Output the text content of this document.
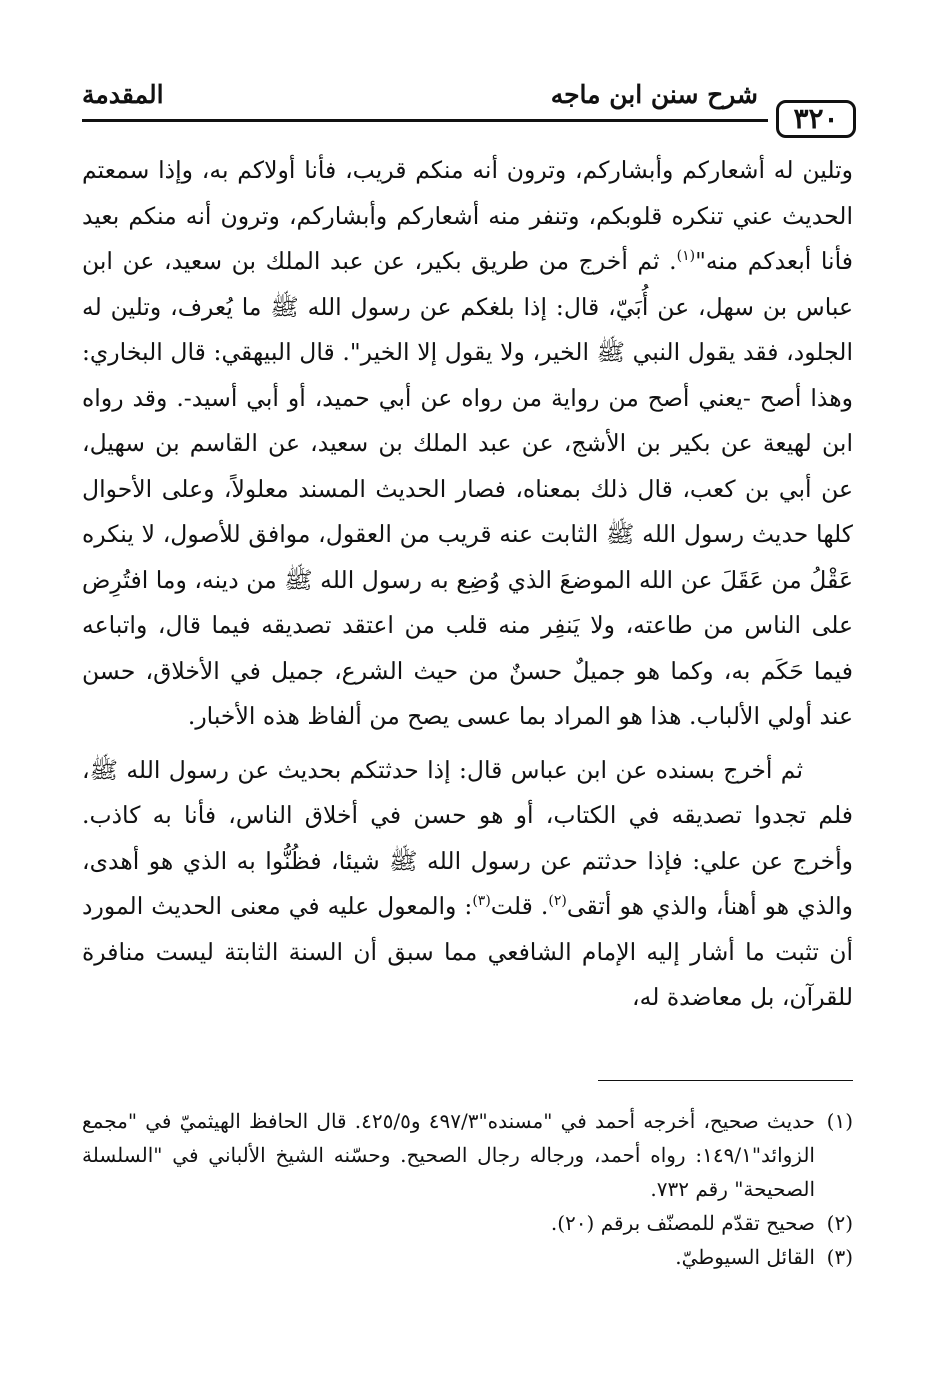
المقدمة	شرح سنن ابن ماجه
٣٢٠

وتلين له أشعاركم وأبشاركم، وترون أنه منكم قريب، فأنا أولاكم به، وإذا سمعتم الحديث عني تنكره قلوبكم، وتنفر منه أشعاركم وأبشاركم، وترون أنه منكم بعيد فأنا أبعدكم منه"$^{(١)}$. ثم أخرج من طريق بكير، عن عبد الملك بن سعيد، عن ابن عباس بن سهل، عن أُبَيّ، قال: إذا بلغكم عن رسول الله ﷺ ما يُعرف، وتلين له الجلود، فقد يقول النبي ﷺ الخير، ولا يقول إلا الخير". قال البيهقي: قال البخاري: وهذا أصح -يعني أصح من رواية من رواه عن أبي حميد، أو أبي أسيد-. وقد رواه ابن لهيعة عن بكير بن الأشج، عن عبد الملك بن سعيد، عن القاسم بن سهيل، عن أبي بن كعب، قال ذلك بمعناه، فصار الحديث المسند معلولاً، وعلى الأحوال كلها حديث رسول الله ﷺ الثابت عنه قريب من العقول، موافق للأصول، لا ينكره عَقْلُ من عَقَلَ عن الله الموضعَ الذي وُضِع به رسول الله ﷺ من دينه، وما افتُرِض على الناس من طاعته، ولا يَنفِر منه قلب من اعتقد تصديقه فيما قال، واتباعه فيما حَكَم به، وكما هو جميلٌ حسنٌ من حيث الشرع، جميل في الأخلاق، حسن عند أولي الألباب. هذا هو المراد بما عسى يصح من ألفاظ هذه الأخبار.

ثم أخرج بسنده عن ابن عباس قال: إذا حدثتكم بحديث عن رسول الله ﷺ، فلم تجدوا تصديقه في الكتاب، أو هو حسن في أخلاق الناس، فأنا به كاذب. وأخرج عن علي: فإذا حدثتم عن رسول الله ﷺ شيئا، فظُنُّوا به الذي هو أهدى، والذي هو أهنأ، والذي هو أتقى$^{(٢)}$. قلت$^{(٣)}$: والمعول عليه في معنى الحديث المورد أن تثبت ما أشار إليه الإمام الشافعي مما سبق أن السنة الثابتة ليست منافرة للقرآن، بل معاضدة له،

(١)
حديث صحيح، أخرجه أحمد في "مسنده"٤٩٧/٣ و٤٢٥/٥. قال الحافظ الهيثميّ في "مجمع الزوائد"١٤٩/١: رواه أحمد، ورجاله رجال الصحيح. وحسّنه الشيخ الألباني في "السلسلة الصحيحة" رقم ٧٣٢.

(٢)
صحيح تقدّم للمصنّف برقم (٢٠).

(٣)
القائل السيوطيّ.
